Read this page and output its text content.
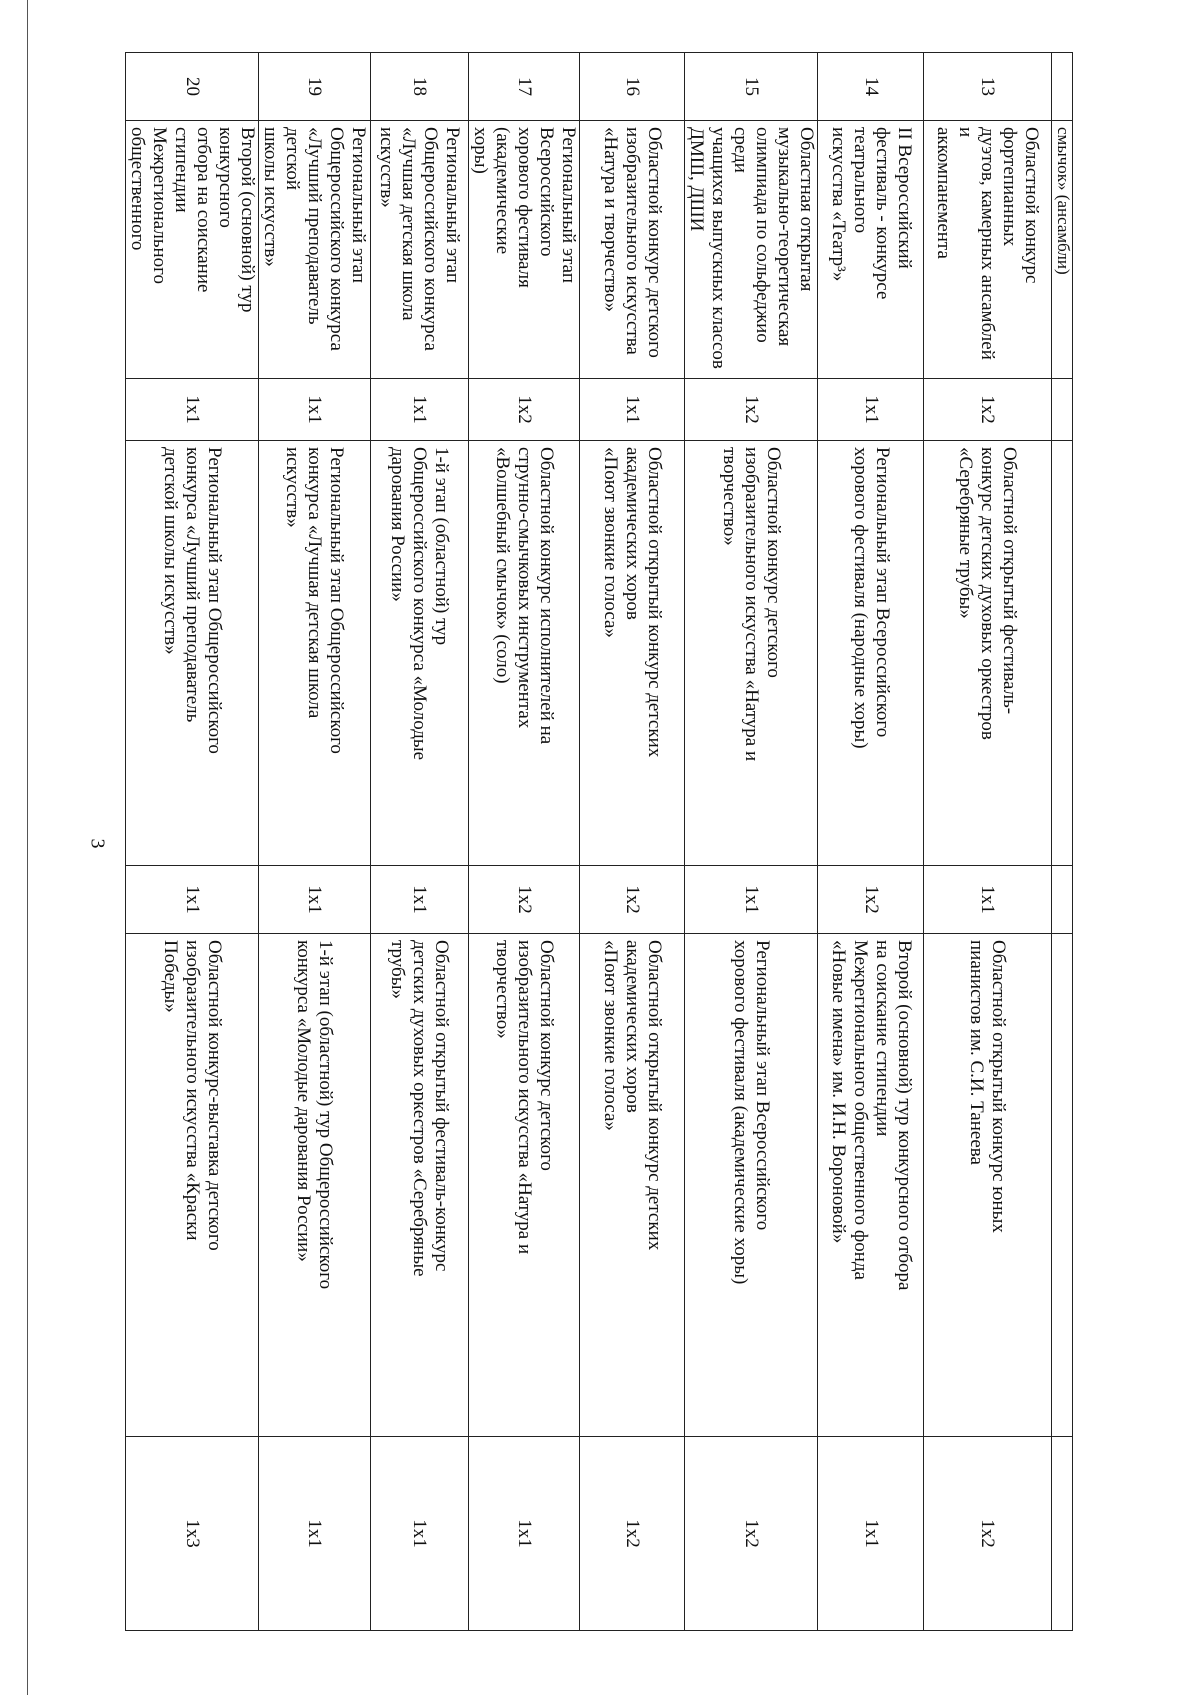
3
	смычок» (ансамбли)					
13	Областной конкурс фортепианных
дуэтов, камерных ансамблей и
аккомпанемента	1x2	Областной открытый фестиваль-
конкурс детских духовых оркестров
«Серебряные трубы»	1x1	Областной открытый конкурс юных
пианистов им. С.И. Танеева	1x2
14	II Всероссийский
фестиваль - конкурсе театрального
искусства «Театр³»	1x1	Региональный этап Всероссийского
хорового фестиваля (народные хоры)	1x2	Второй (основной) тур конкурсного отбора
на соискание стипендии
Межрегионального общественного фонда
«Новые имена» им. И.Н. Вороновой»	1x1
15	Областная открытая
музыкально-теоретическая
олимпиада по сольфеджио среди
учащихся выпускных классов
ДМШ, ДШИ	1x2	Областной конкурс детского
изобразительного искусства «Натура и
творчество»	1x1	Региональный этап Всероссийского
хорового фестиваля (академические хоры)	1x2
16	Областной конкурс детского
изобразительного искусства
«Натура и творчество»	1x1	Областной открытый конкурс детских
академических хоров
«Поют звонкие голоса»	1x2	Областной открытый конкурс детских
академических хоров
«Поют звонкие голоса»	1x2
17	Региональный этап Всероссийского
хорового фестиваля (академические
хоры)	1x2	Областной конкурс исполнителей на
струнно-смычковых инструментах
«Волшебный смычок» (соло)	1x2	Областной конкурс детского
изобразительного искусства «Натура и
творчество»	1x1
18	Региональный этап
Общероссийского конкурса
«Лучшая детская школа искусств»	1x1	1-й этап (областной) тур
Общероссийского конкурса «Молодые
дарования России»	1x1	Областной открытый фестиваль-конкурс
детских духовых оркестров «Серебряные
трубы»	1x1
19	Региональный этап
Общероссийского конкурса
«Лучший преподаватель детской
школы искусств»	1x1	Региональный этап Общероссийского
конкурса «Лучшая детская школа
искусств»	1x1	1-й этап (областной) тур Общероссийского
конкурса «Молодые дарования России»	1x1
20	Второй (основной) тур конкурсного
отбора на соискание стипендии
Межрегионального общественного	1x1	Региональный этап Общероссийского
конкурса «Лучший преподаватель
детской школы искусств»	1x1	Областной конкурс-выставка детского
изобразительного искусства «Краски
Победы»	1x3
